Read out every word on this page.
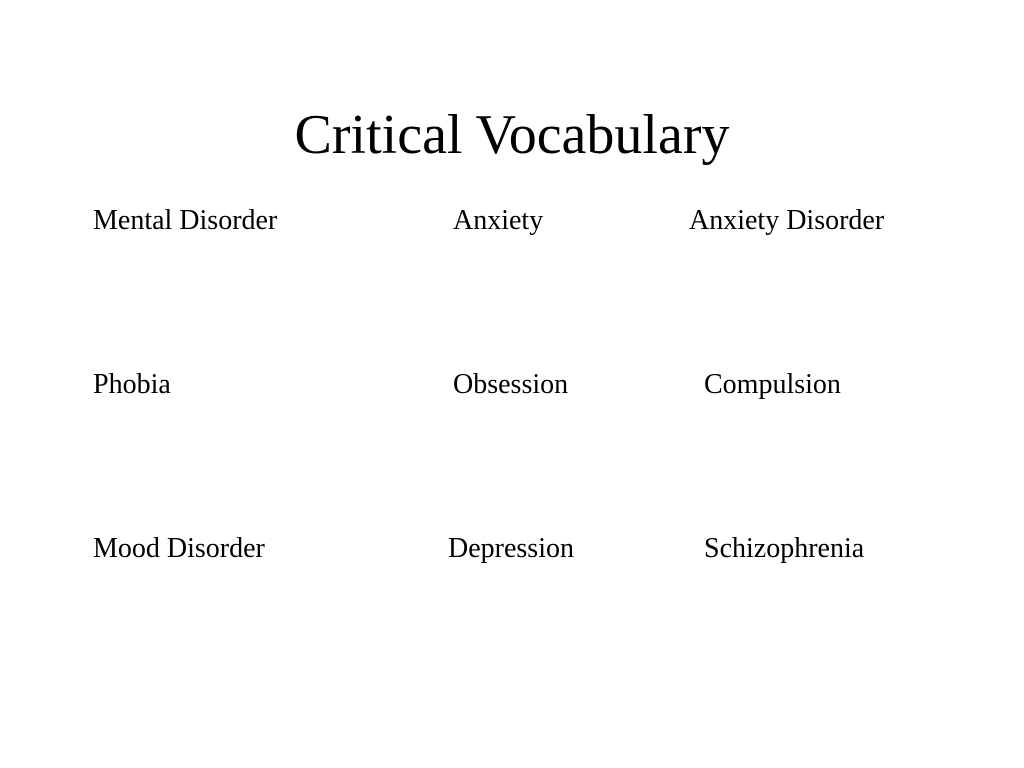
Critical Vocabulary

Mental Disorder	Anxiety	Anxiety Disorder

Phobia	Obsession	Compulsion

Mood Disorder	Depression	Schizophrenia
